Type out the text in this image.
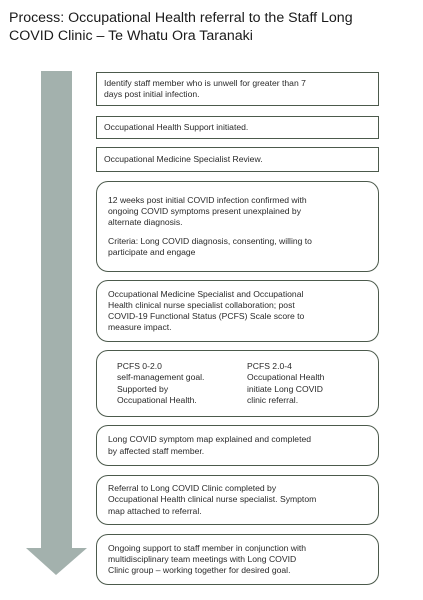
Process: Occupational Health referral to the Staff Long
COVID Clinic – Te Whatu Ora Taranaki
Identify staff member who is unwell for greater than 7
days post initial infection.
Occupational Health Support initiated.
Occupational Medicine Specialist Review.

12 weeks post initial COVID infection confirmed with
ongoing COVID symptoms present unexplained by
alternate diagnosis.

Criteria: Long COVID diagnosis, consenting, willing to
participate and engage

Occupational Medicine Specialist and Occupational
Health clinical nurse specialist collaboration; post
COVID-19 Functional Status (PCFS) Scale score to
measure impact.
PCFS 0-2.0
self-management goal.
Supported by
Occupational Health.
PCFS 2.0-4
Occupational Health
initiate Long COVID
clinic referral.
Long COVID symptom map explained and completed
by affected staff member.
Referral to Long COVID Clinic completed by
Occupational Health clinical nurse specialist. Symptom
map attached to referral.
Ongoing support to staff member in conjunction with
multidisciplinary team meetings with Long COVID
Clinic group – working together for desired goal.
